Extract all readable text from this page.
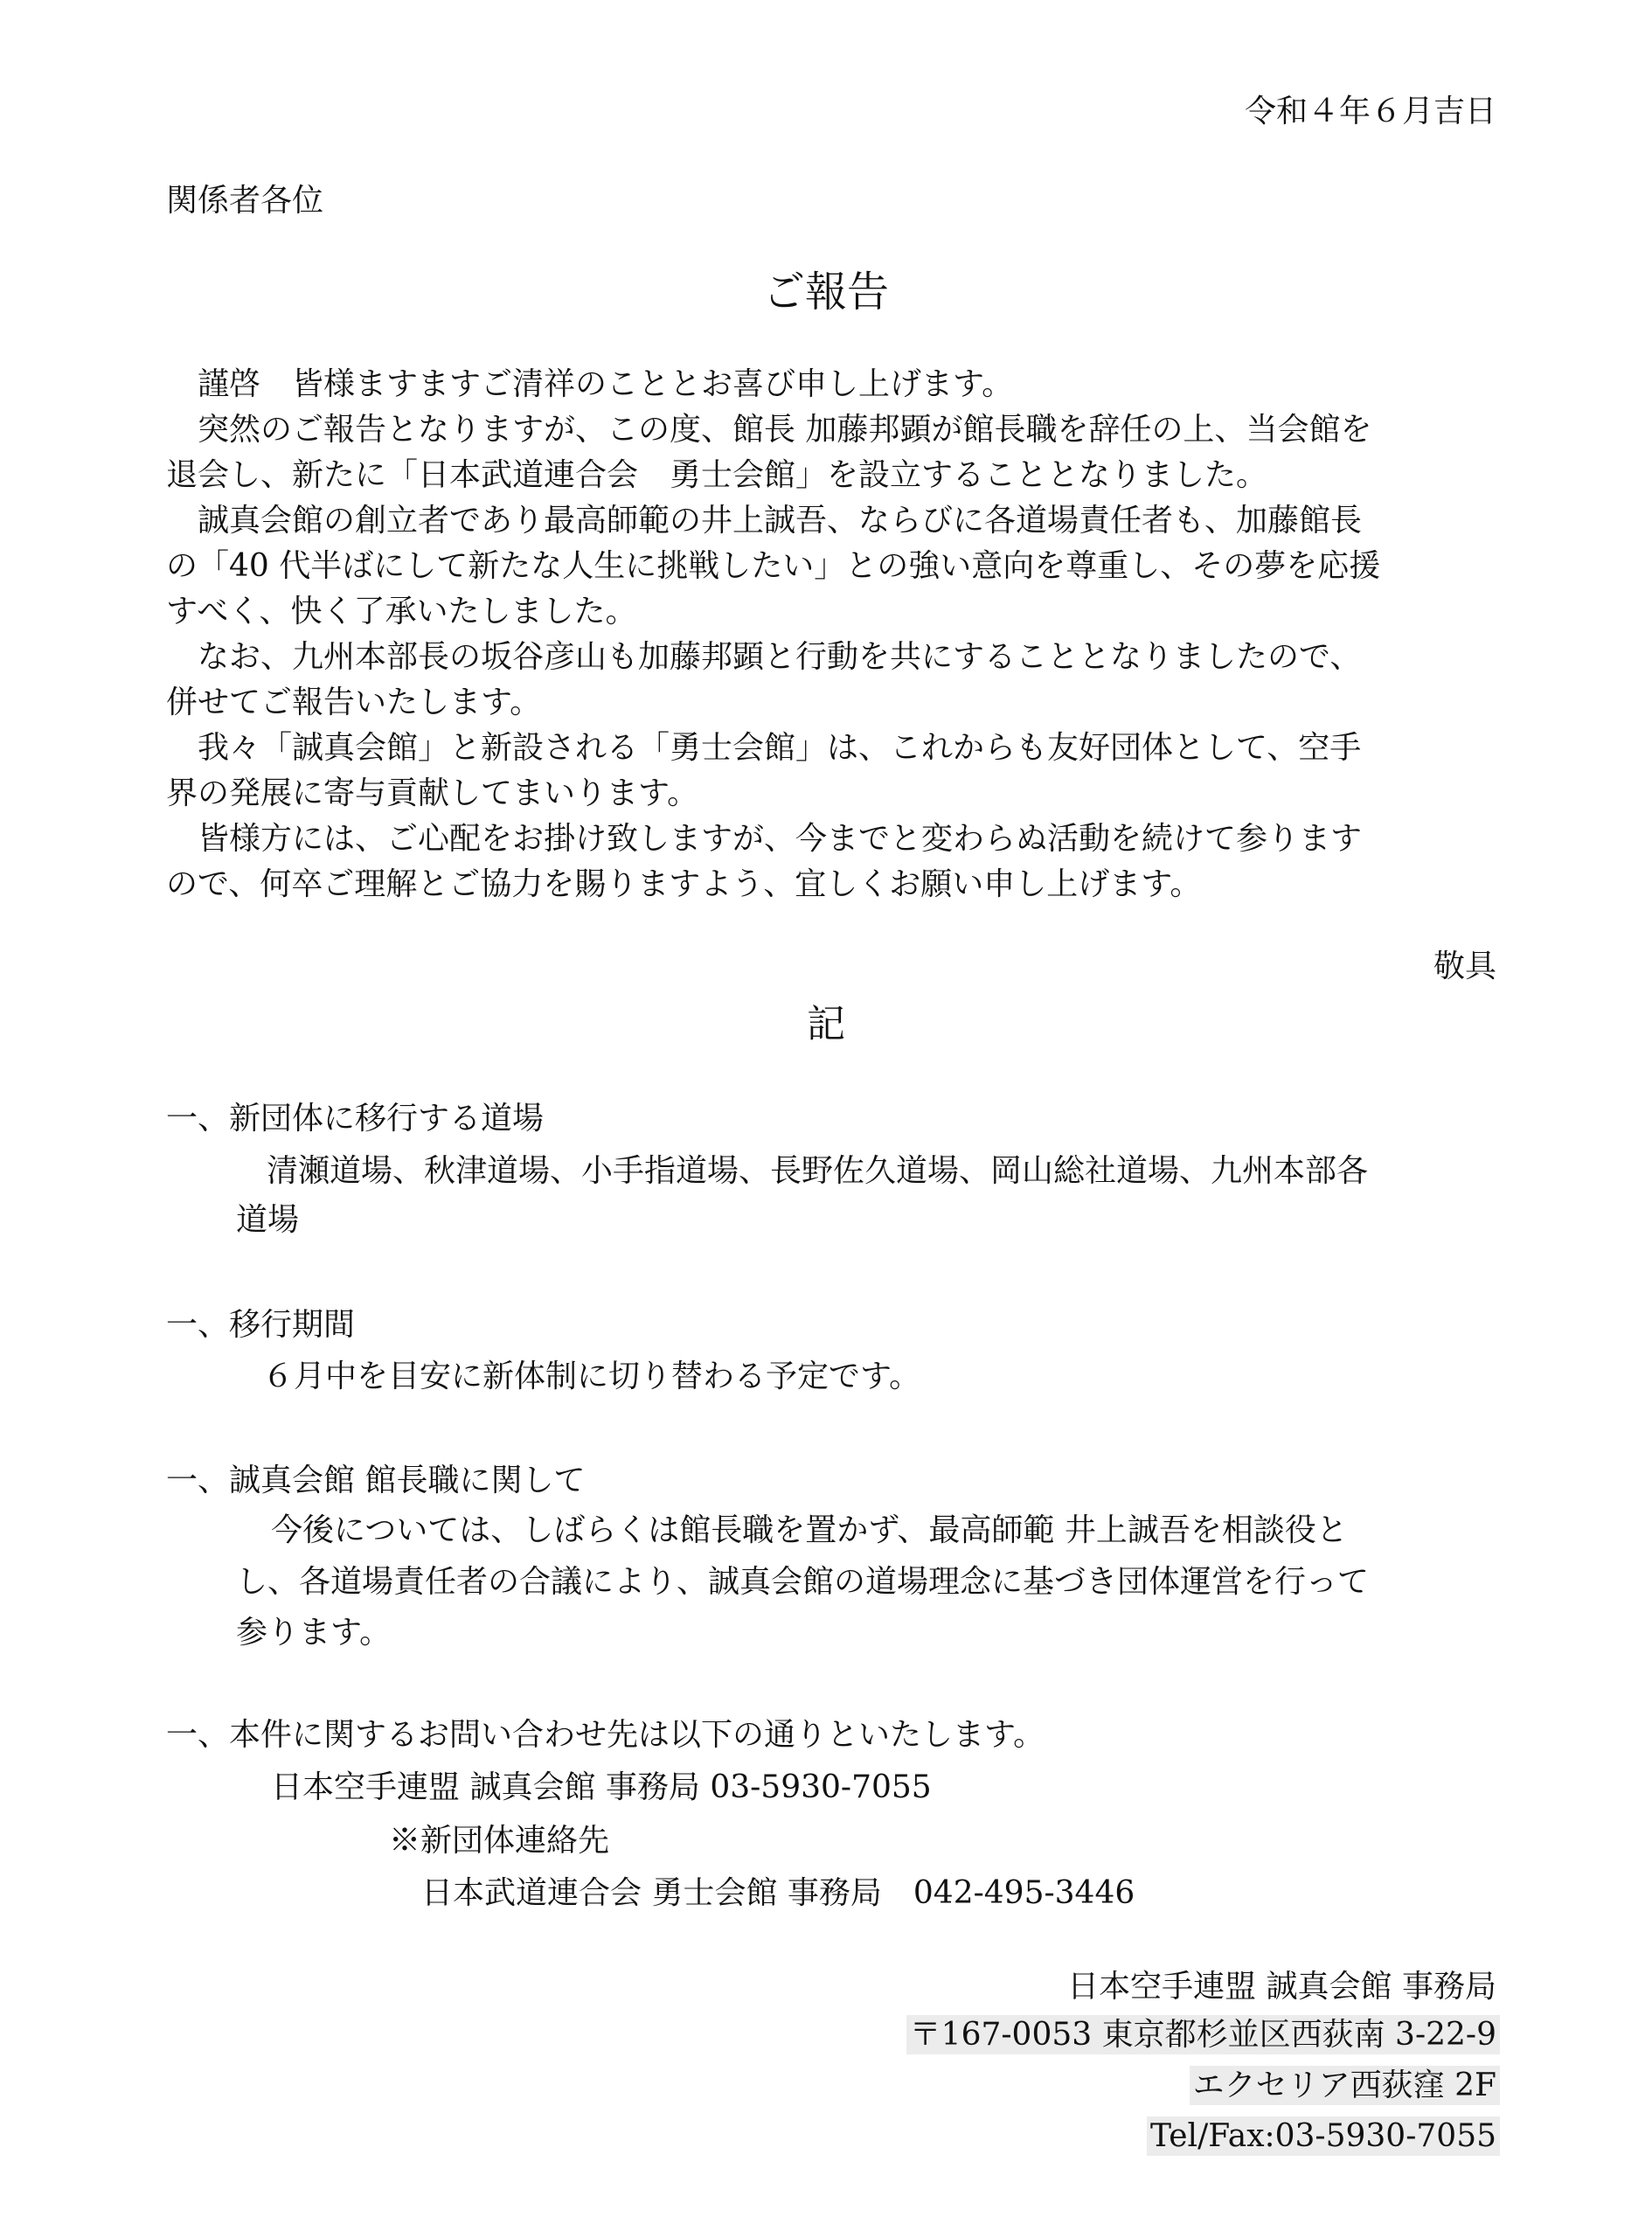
令和４年６月吉日
関係者各位
ご報告
　謹啓　皆様ますますご清祥のこととお喜び申し上げます。
　突然のご報告となりますが、この度、館長 加藤邦顕が館長職を辞任の上、当会館を
退会し、新たに「日本武道連合会　勇士会館」を設立することとなりました。
　誠真会館の創立者であり最高師範の井上誠吾、ならびに各道場責任者も、加藤館長
の「40 代半ばにして新たな人生に挑戦したい」との強い意向を尊重し、その夢を応援
すべく、快く了承いたしました。
　なお、九州本部長の坂谷彦山も加藤邦顕と行動を共にすることとなりましたので、
併せてご報告いたします。
　我々「誠真会館」と新設される「勇士会館」は、これからも友好団体として、空手
界の発展に寄与貢献してまいります。
　皆様方には、ご心配をお掛け致しますが、今までと変わらぬ活動を続けて参ります
ので、何卒ご理解とご協力を賜りますよう、宜しくお願い申し上げます。
敬具
記
一、新団体に移行する道場
清瀬道場、秋津道場、小手指道場、長野佐久道場、岡山総社道場、九州本部各
道場
一、移行期間
６月中を目安に新体制に切り替わる予定です。
一、誠真会館 館長職に関して
今後については、しばらくは館長職を置かず、最高師範 井上誠吾を相談役と
し、各道場責任者の合議により、誠真会館の道場理念に基づき団体運営を行って
参ります。
一、本件に関するお問い合わせ先は以下の通りといたします。
日本空手連盟 誠真会館 事務局 03-5930-7055
※新団体連絡先
日本武道連合会 勇士会館 事務局　042-495-3446
日本空手連盟 誠真会館 事務局
〒167-0053 東京都杉並区西荻南 3-22-9
エクセリア西荻窪 2F
Tel/Fax:03-5930-7055
